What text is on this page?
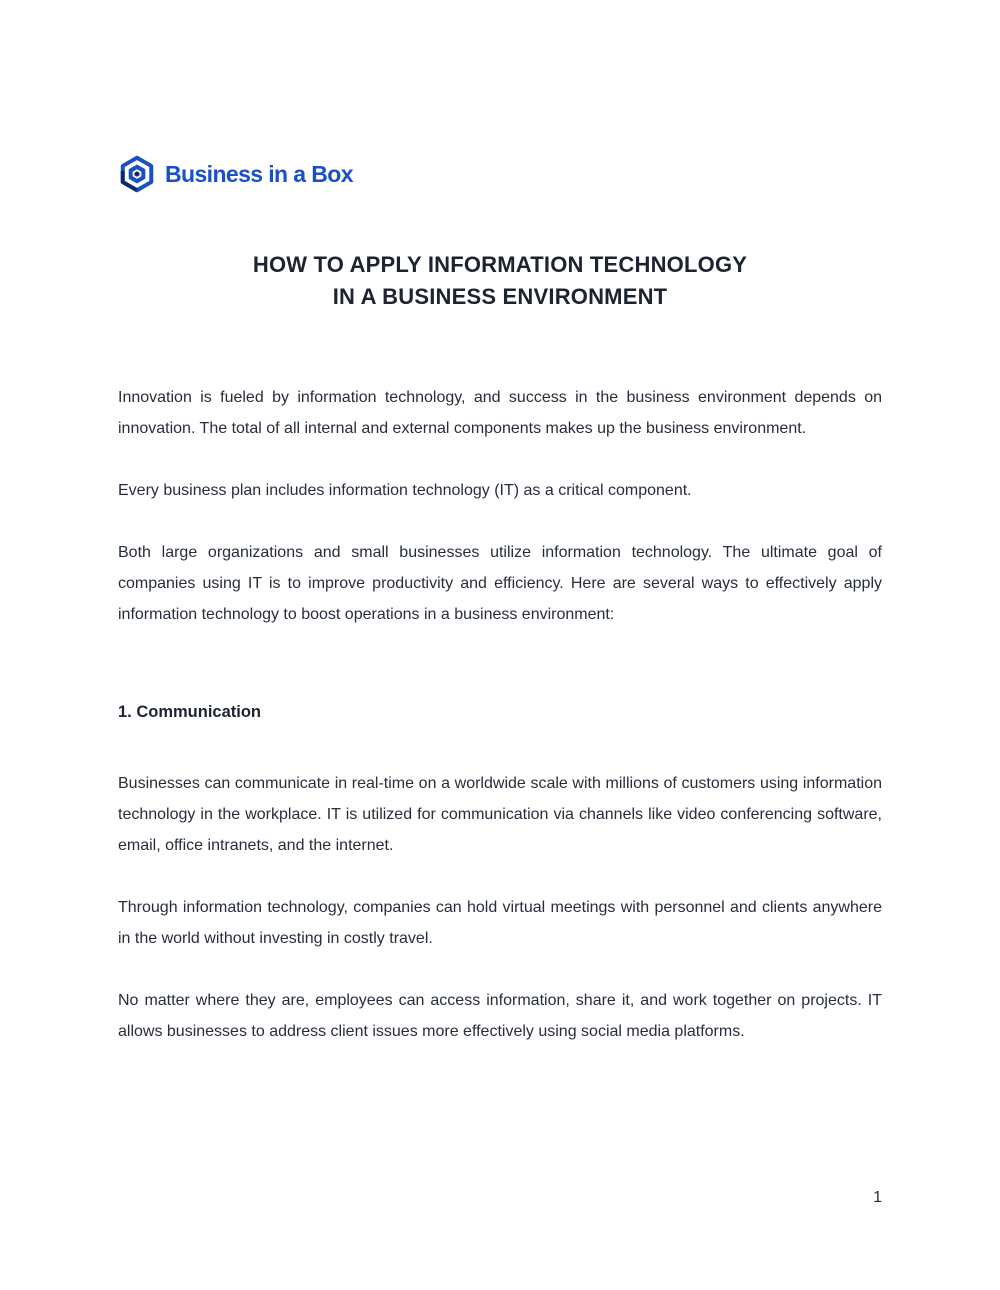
Business in a Box
HOW TO APPLY INFORMATION TECHNOLOGY
IN A BUSINESS ENVIRONMENT

Innovation is fueled by information technology, and success in the business environment depends on innovation. The total of all internal and external components makes up the business environment.

Every business plan includes information technology (IT) as a critical component.

Both large organizations and small businesses utilize information technology. The ultimate goal of companies using IT is to improve productivity and efficiency. Here are several ways to effectively apply information technology to boost operations in a business environment:

1. Communication

Businesses can communicate in real-time on a worldwide scale with millions of customers using information technology in the workplace. IT is utilized for communication via channels like video conferencing software, email, office intranets, and the internet.

Through information technology, companies can hold virtual meetings with personnel and clients anywhere in the world without investing in costly travel.

No matter where they are, employees can access information, share it, and work together on projects. IT allows businesses to address client issues more effectively using social media platforms.

1
